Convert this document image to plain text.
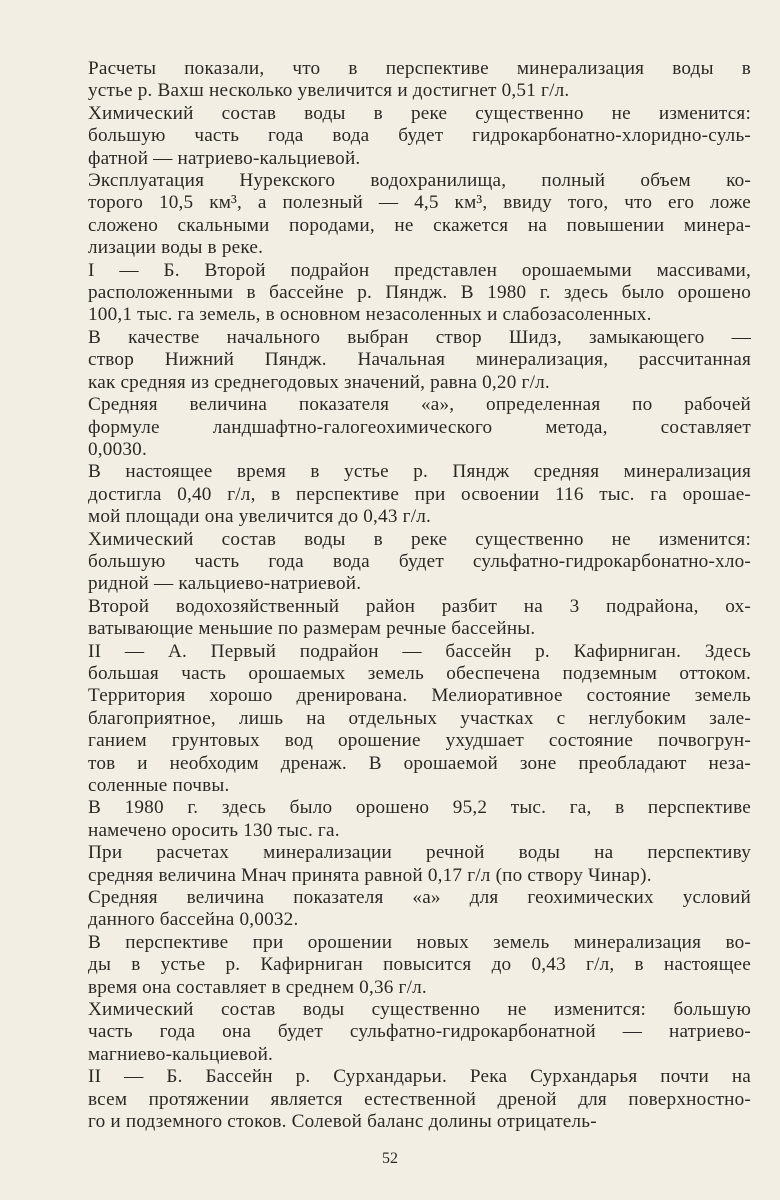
Расчеты показали, что в перспективе минерализация воды в
устье р. Вахш несколько увеличится и достигнет 0,51 г/л.
Химический состав воды в реке существенно не изменится:
большую часть года вода будет гидрокарбонатно-хлоридно-суль-
фатной — натриево-кальциевой.
Эксплуатация Нурекского водохранилища, полный объем ко-
торого 10,5 км³, а полезный — 4,5 км³, ввиду того, что его ложе
сложено скальными породами, не скажется на повышении минера-
лизации воды в реке.
I — Б. Второй подрайон представлен орошаемыми массивами,
расположенными в бассейне р. Пяндж. В 1980 г. здесь было орошено
100,1 тыс. га земель, в основном незасоленных и слабозасоленных.
В качестве начального выбран створ Шидз, замыкающего —
створ Нижний Пяндж. Начальная минерализация, рассчитанная
как средняя из среднегодовых значений, равна 0,20 г/л.
Средняя величина показателя «а», определенная по рабочей
формуле ландшафтно-галогеохимического метода, составляет
0,0030.
В настоящее время в устье р. Пяндж средняя минерализация
достигла 0,40 г/л, в перспективе при освоении 116 тыс. га орошае-
мой площади она увеличится до 0,43 г/л.
Химический состав воды в реке существенно не изменится:
большую часть года вода будет сульфатно-гидрокарбонатно-хло-
ридной — кальциево-натриевой.
Второй водохозяйственный район разбит на 3 подрайона, ох-
ватывающие меньшие по размерам речные бассейны.
II — А. Первый подрайон — бассейн р. Кафирниган. Здесь
большая часть орошаемых земель обеспечена подземным оттоком.
Территория хорошо дренирована. Мелиоративное состояние земель
благоприятное, лишь на отдельных участках с неглубоким зале-
ганием грунтовых вод орошение ухудшает состояние почвогрун-
тов и необходим дренаж. В орошаемой зоне преобладают неза-
соленные почвы.
В 1980 г. здесь было орошено 95,2 тыс. га, в перспективе
намечено оросить 130 тыс. га.
При расчетах минерализации речной воды на перспективу
средняя величина Mнач принята равной 0,17 г/л (по створу Чинар).
Средняя величина показателя «а» для геохимических условий
данного бассейна 0,0032.
В перспективе при орошении новых земель минерализация во-
ды в устье р. Кафирниган повысится до 0,43 г/л, в настоящее
время она составляет в среднем 0,36 г/л.
Химический состав воды существенно не изменится: большую
часть года она будет сульфатно-гидрокарбонатной — натриево-
магниево-кальциевой.
II — Б. Бассейн р. Сурхандарьи. Река Сурхандарья почти на
всем протяжении является естественной дреной для поверхностно-
го и подземного стоков. Солевой баланс долины отрицатель-
52
